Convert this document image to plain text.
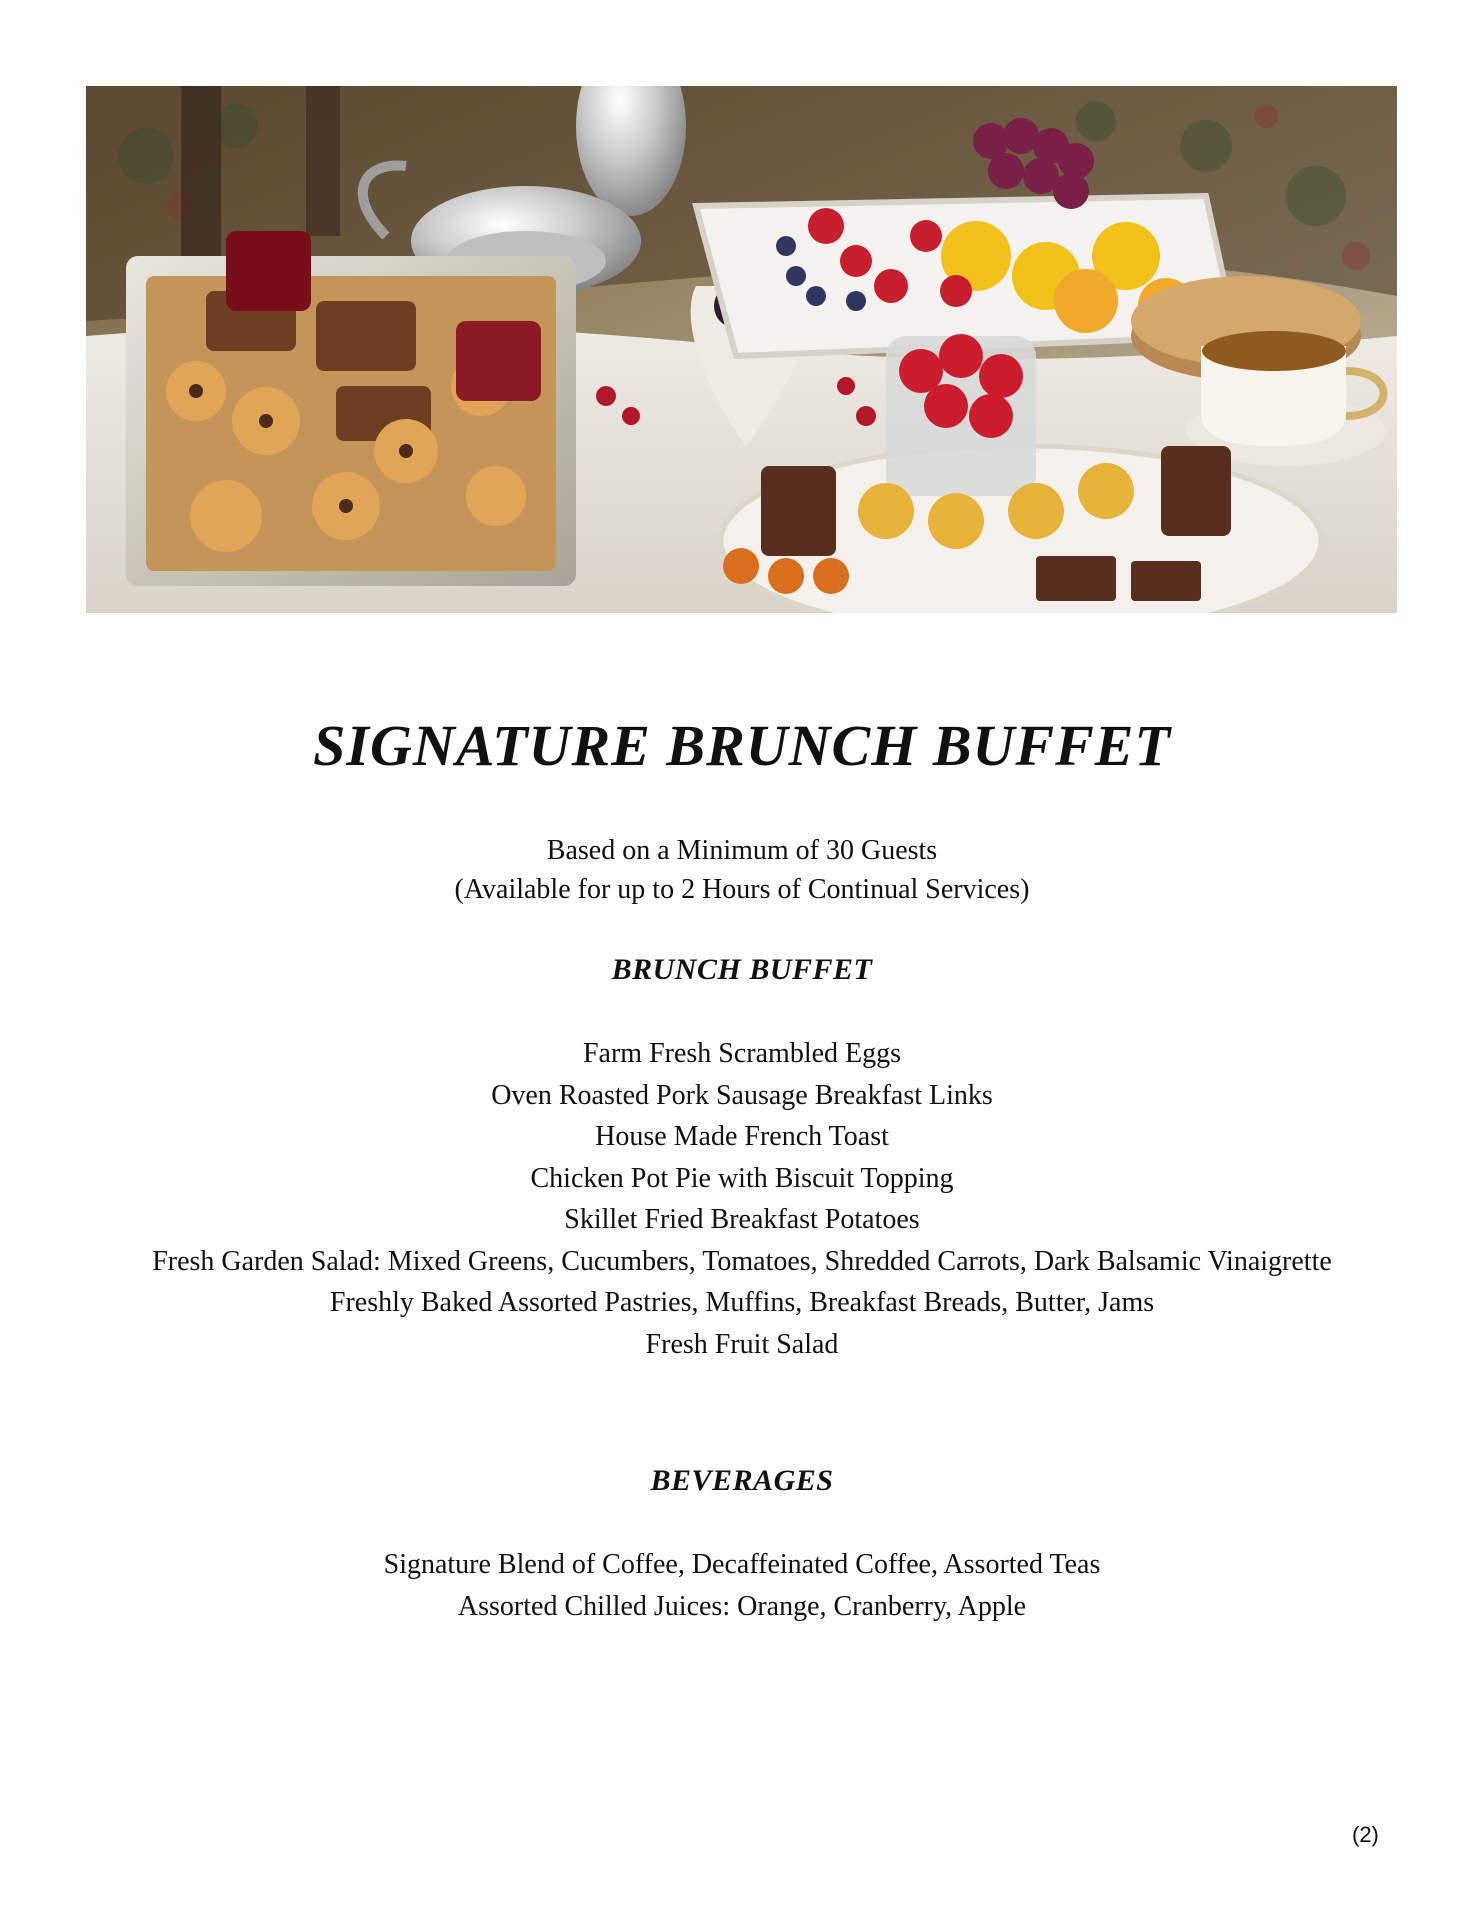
SIGNATURE BRUNCH BUFFET
Based on a Minimum of 30 Guests
(Available for up to 2 Hours of Continual Services)
BRUNCH BUFFET
Farm Fresh Scrambled Eggs
Oven Roasted Pork Sausage Breakfast Links
House Made French Toast
Chicken Pot Pie with Biscuit Topping
Skillet Fried Breakfast Potatoes
Fresh Garden Salad: Mixed Greens, Cucumbers, Tomatoes, Shredded Carrots, Dark Balsamic Vinaigrette
Freshly Baked Assorted Pastries, Muffins, Breakfast Breads, Butter, Jams
Fresh Fruit Salad
BEVERAGES
Signature Blend of Coffee, Decaffeinated Coffee, Assorted Teas
Assorted Chilled Juices: Orange, Cranberry, Apple
(2)
